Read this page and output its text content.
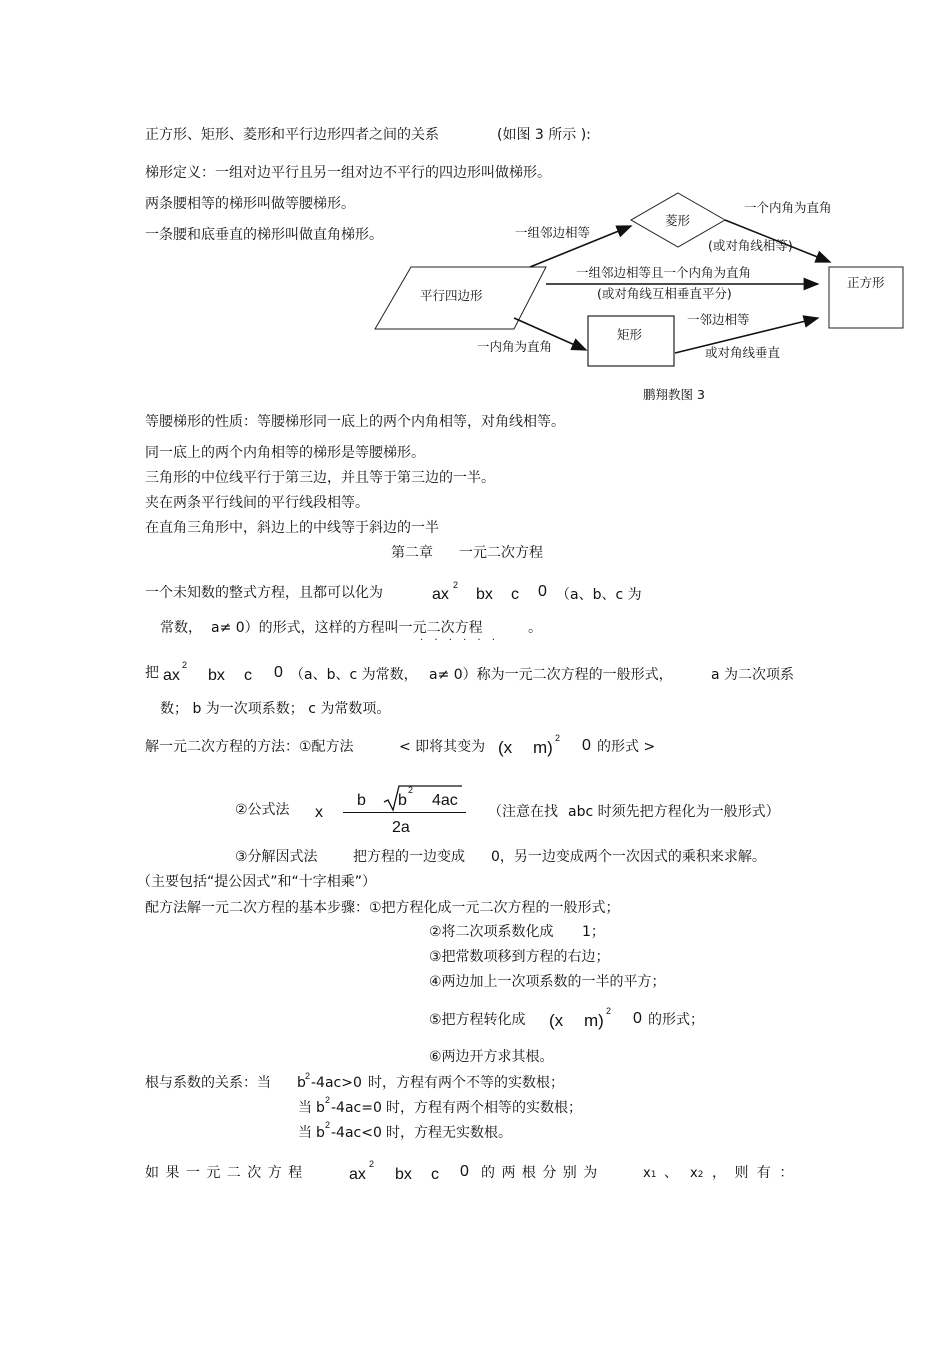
正方形、矩形、菱形和平行边形四者之间的关系	(如图 3 所示 ):
梯形定义：一组对边平行且另一组对边不平行的四边形叫做梯形。
两条腰相等的梯形叫做等腰梯形。
一条腰和底垂直的梯形叫做直角梯形。
平行四边形
菱形
矩形
正方形
一组邻边相等
一个内角为直角
(或对角线相等)
一组邻边相等且一个内角为直角
(或对角线互相垂直平分)
一内角为直角
一邻边相等
或对角线垂直
鹏翔教图 3
等腰梯形的性质：等腰梯形同一底上的两个内角相等，对角线相等。
同一底上的两个内角相等的梯形是等腰梯形。
三角形的中位线平行于第三边，并且等于第三边的一半。
夹在两条平行线间的平行线段相等。
在直角三角形中，斜边上的中线等于斜边的一半
第二章 一元二次方程
一个未知数的整式方程，且都可以化为	ax
2
bx c 0 （a、b、c 为
常数， a≠ 0）的形式，这样的方程叫一元二次方程	。
· · · · · ·
把 ax
2
bx c 0 （a、b、c 为常数， a≠ 0）称为一元二次方程的一般形式，	a 为二次项系
数； b 为一次项系数； c 为常数项。
解一元二次方程的方法：①配方法	< 即将其变为 (x m) 2 0 的形式 >
②公式法 x
b b
2
4ac
2a
（注意在找 abc 时须先把方程化为一般形式）
③分解因式法	把方程的一边变成 0，另一边变成两个一次因式的乘积来求解。
（主要包括“提公因式”和“十字相乘”）
配方法解一元二次方程的基本步骤：①把方程化成一元二次方程的一般形式；
②将二次项系数化成 1；
③把常数项移到方程的右边；
④两边加上一次项系数的一半的平方；
⑤把方程转化成 (x m) 2 0 的形式；
⑥两边开方求其根。
根与系数的关系：当 b 2 -4ac>0 时，方程有两个不等的实数根；
当 b 2 -4ac=0 时，方程有两个相等的实数根；
当 b 2 -4ac<0 时，方程无实数根。
如 果 一 元 二 次 方 程	ax
2
bx c 0 的 两 根 分 别 为	x1 、 x2 ， 则 有 ：
